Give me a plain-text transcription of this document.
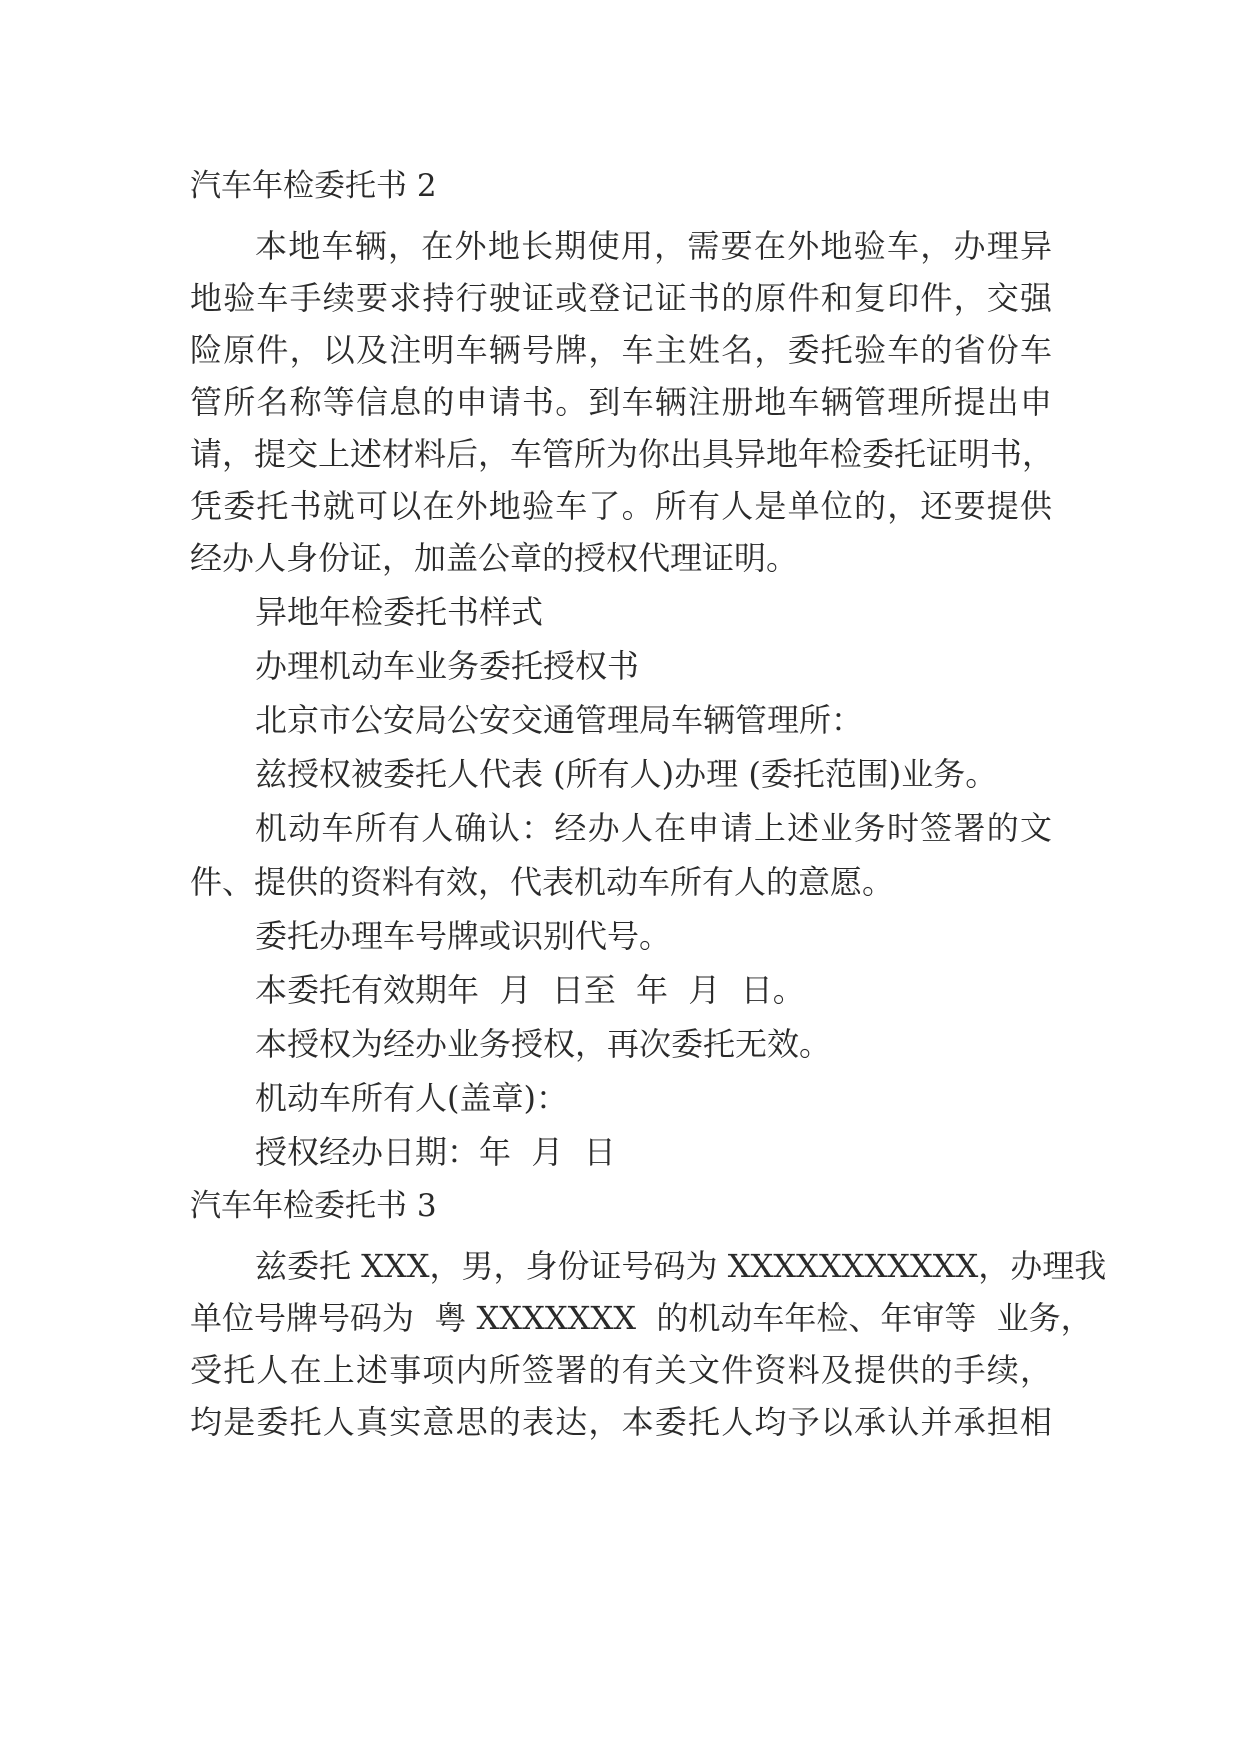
汽车年检委托书 2
本地车辆，在外地长期使用，需要在外地验车，办理异
地验车手续要求持行驶证或登记证书的原件和复印件，交强
险原件，以及注明车辆号牌，车主姓名，委托验车的省份车
管所名称等信息的申请书。到车辆注册地车辆管理所提出申
请，提交上述材料后，车管所为你出具异地年检委托证明书，
凭委托书就可以在外地验车了。所有人是单位的，还要提供
经办人身份证，加盖公章的授权代理证明。
异地年检委托书样式
办理机动车业务委托授权书
北京市公安局公安交通管理局车辆管理所：
兹授权被委托人代表 (所有人)办理 (委托范围)业务。
机动车所有人确认：经办人在申请上述业务时签署的文
件、提供的资料有效，代表机动车所有人的意愿。
委托办理车号牌或识别代号。
本委托有效期年  月  日至  年  月  日。
本授权为经办业务授权，再次委托无效。
机动车所有人(盖章)：
授权经办日期：年  月  日
汽车年检委托书 3
兹委托 XXX，男，身份证号码为 XXXXXXXXXXX，办理我
单位号牌号码为  粤 XXXXXXX  的机动车年检、年审等  业务，
受托人在上述事项内所签署的有关文件资料及提供的手续，
均是委托人真实意思的表达，本委托人均予以承认并承担相
